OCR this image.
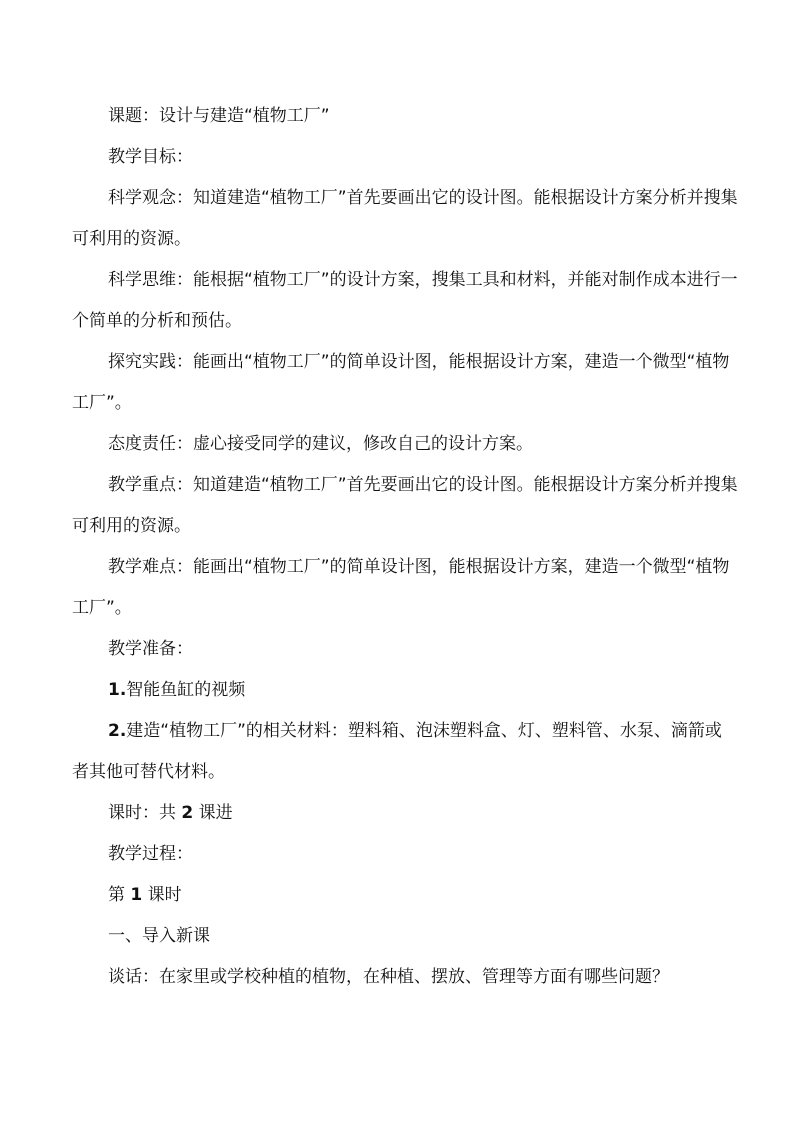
课题：设计与建造“植物工厂”

教学目标：

科学观念：知道建造“植物工厂”首先要画出它的设计图。能根据设计方案分析并搜集可利用的资源。

科学思维：能根据“植物工厂”的设计方案，搜集工具和材料，并能对制作成本进行一个简单的分析和预估。

探究实践：能画出“植物工厂”的简单设计图，能根据设计方案，建造一个微型“植物工厂”。

态度责任：虚心接受同学的建议，修改自己的设计方案。

教学重点：知道建造“植物工厂”首先要画出它的设计图。能根据设计方案分析并搜集可利用的资源。

教学难点：能画出“植物工厂”的简单设计图，能根据设计方案，建造一个微型“植物工厂”。

教学准备：

1.智能鱼缸的视频

2.建造“植物工厂”的相关材料：塑料箱、泡沫塑料盒、灯、塑料管、水泵、滴箭或者其他可替代材料。

课时：共 2 课进

教学过程：

第 1 课时

一、导入新课

谈话：在家里或学校种植的植物，在种植、摆放、管理等方面有哪些问题？
